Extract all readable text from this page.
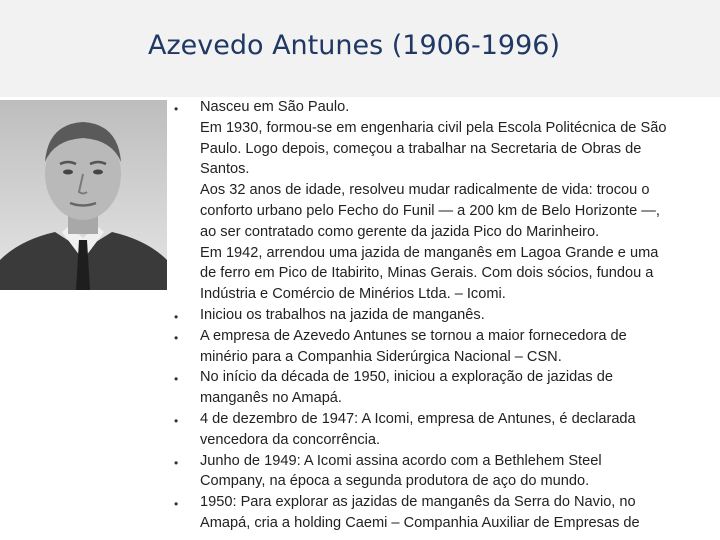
Azevedo Antunes (1906-1996)
• Nasceu em São Paulo.
Em 1930, formou-se em engenharia civil pela Escola Politécnica de São
Paulo. Logo depois, começou a trabalhar na Secretaria de Obras de
Santos.
Aos 32 anos de idade, resolveu mudar radicalmente de vida: trocou o
conforto urbano pelo Fecho do Funil — a 200 km de Belo Horizonte —,
ao ser contratado como gerente da jazida Pico do Marinheiro.
Em 1942, arrendou uma jazida de manganês em Lagoa Grande e uma
de ferro em Pico de Itabirito, Minas Gerais. Com dois sócios, fundou a
Indústria e Comércio de Minérios Ltda. – Icomi.
• Iniciou os trabalhos na jazida de manganês.
• A empresa de Azevedo Antunes se tornou a maior fornecedora de
minério para a Companhia Siderúrgica Nacional – CSN.
• No início da década de 1950, iniciou a exploração de jazidas de
manganês no Amapá.
• 4 de dezembro de 1947: A Icomi, empresa de Antunes, é declarada
vencedora da concorrência.
• Junho de 1949: A Icomi assina acordo com a Bethlehem Steel
Company, na época a segunda produtora de aço do mundo.
• 1950: Para explorar as jazidas de manganês da Serra do Navio, no
Amapá, cria a holding Caemi – Companhia Auxiliar de Empresas de
